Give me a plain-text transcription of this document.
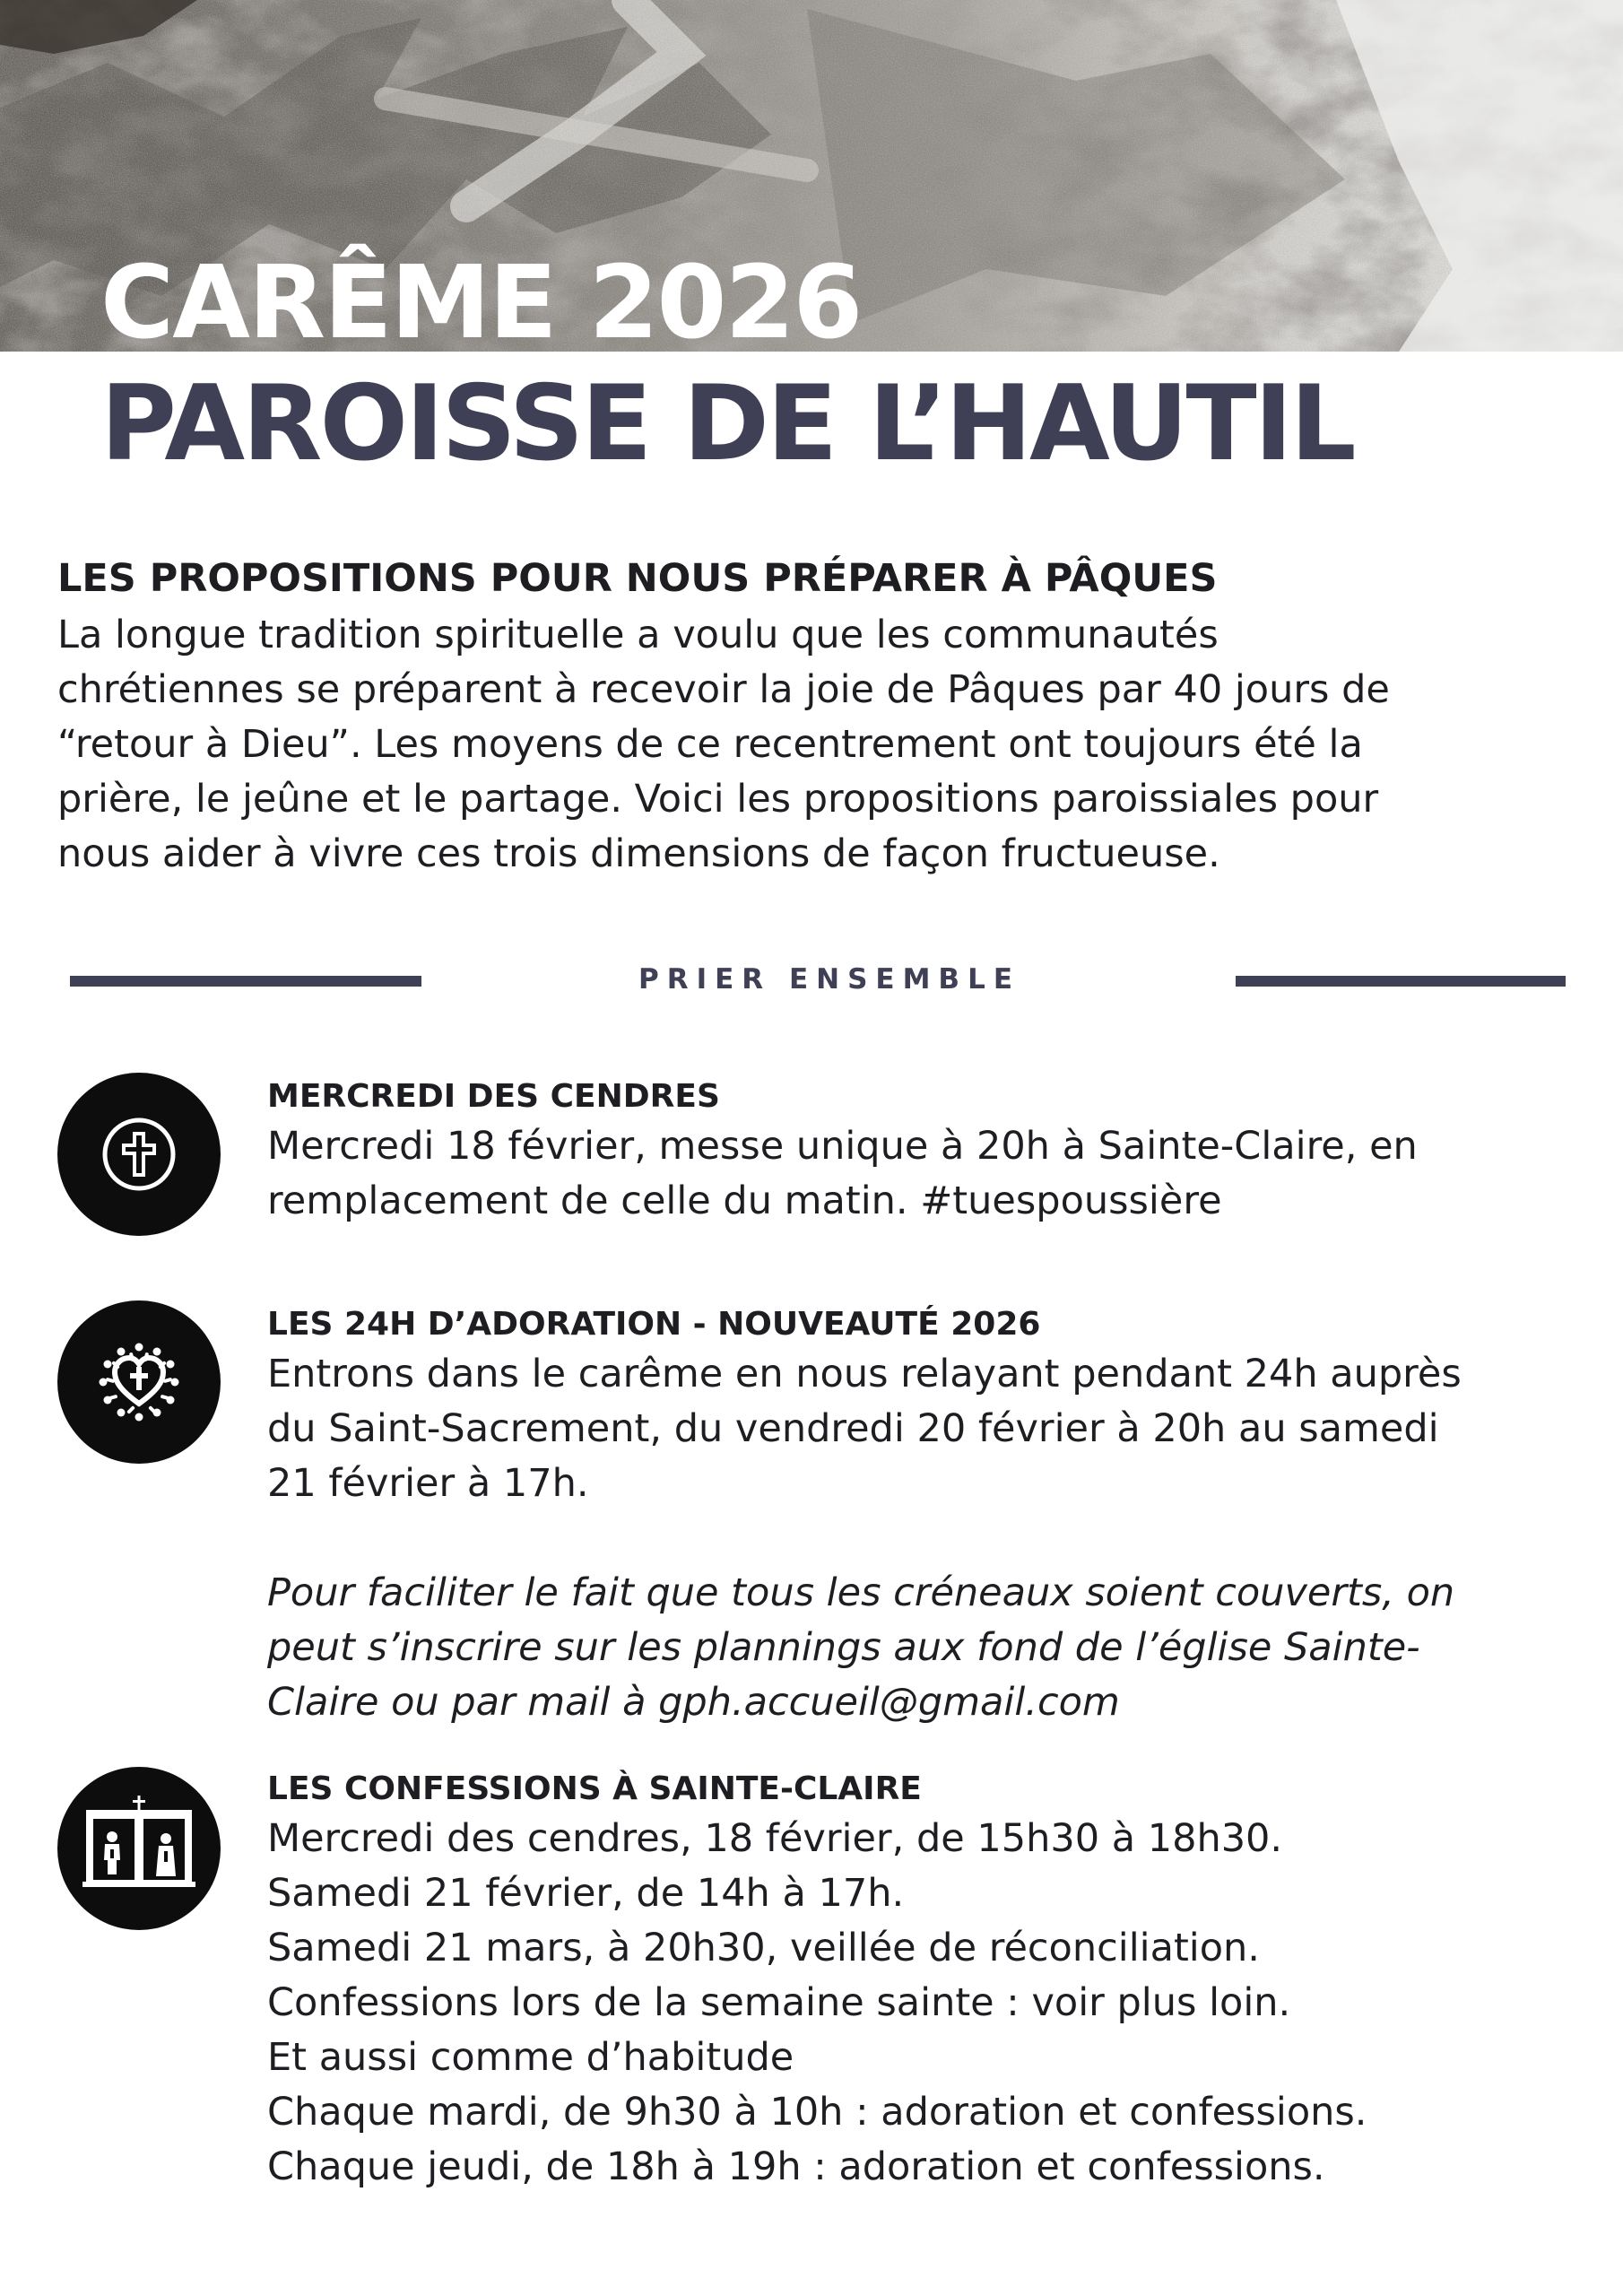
CARÊME 2026
PAROISSE DE L’HAUTIL
LES PROPOSITIONS POUR NOUS PRÉPARER À PÂQUES
La longue tradition spirituelle a voulu que les communautés
chrétiennes se préparent à recevoir la joie de Pâques par 40 jours de
“retour à Dieu”. Les moyens de ce recentrement ont toujours été la
prière, le jeûne et le partage. Voici les propositions paroissiales pour
nous aider à vivre ces trois dimensions de façon fructueuse.
PRIER ENSEMBLE
MERCREDI DES CENDRES
Mercredi 18 février, messe unique à 20h à Sainte-Claire, en
remplacement de celle du matin. #tuespoussière
LES 24H D’ADORATION - NOUVEAUTÉ 2026
Entrons dans le carême en nous relayant pendant 24h auprès
du Saint-Sacrement, du vendredi 20 février à 20h au samedi
21 février à 17h.
Pour faciliter le fait que tous les créneaux soient couverts, on
peut s’inscrire sur les plannings aux fond de l’église Sainte-
Claire ou par mail à gph.accueil@gmail.com
LES CONFESSIONS À SAINTE-CLAIRE
Mercredi des cendres, 18 février, de 15h30 à 18h30.
Samedi 21 février, de 14h à 17h.
Samedi 21 mars, à 20h30, veillée de réconciliation.
Confessions lors de la semaine sainte : voir plus loin.
Et aussi comme d’habitude
Chaque mardi, de 9h30 à 10h : adoration et confessions.
Chaque jeudi, de 18h à 19h : adoration et confessions.
